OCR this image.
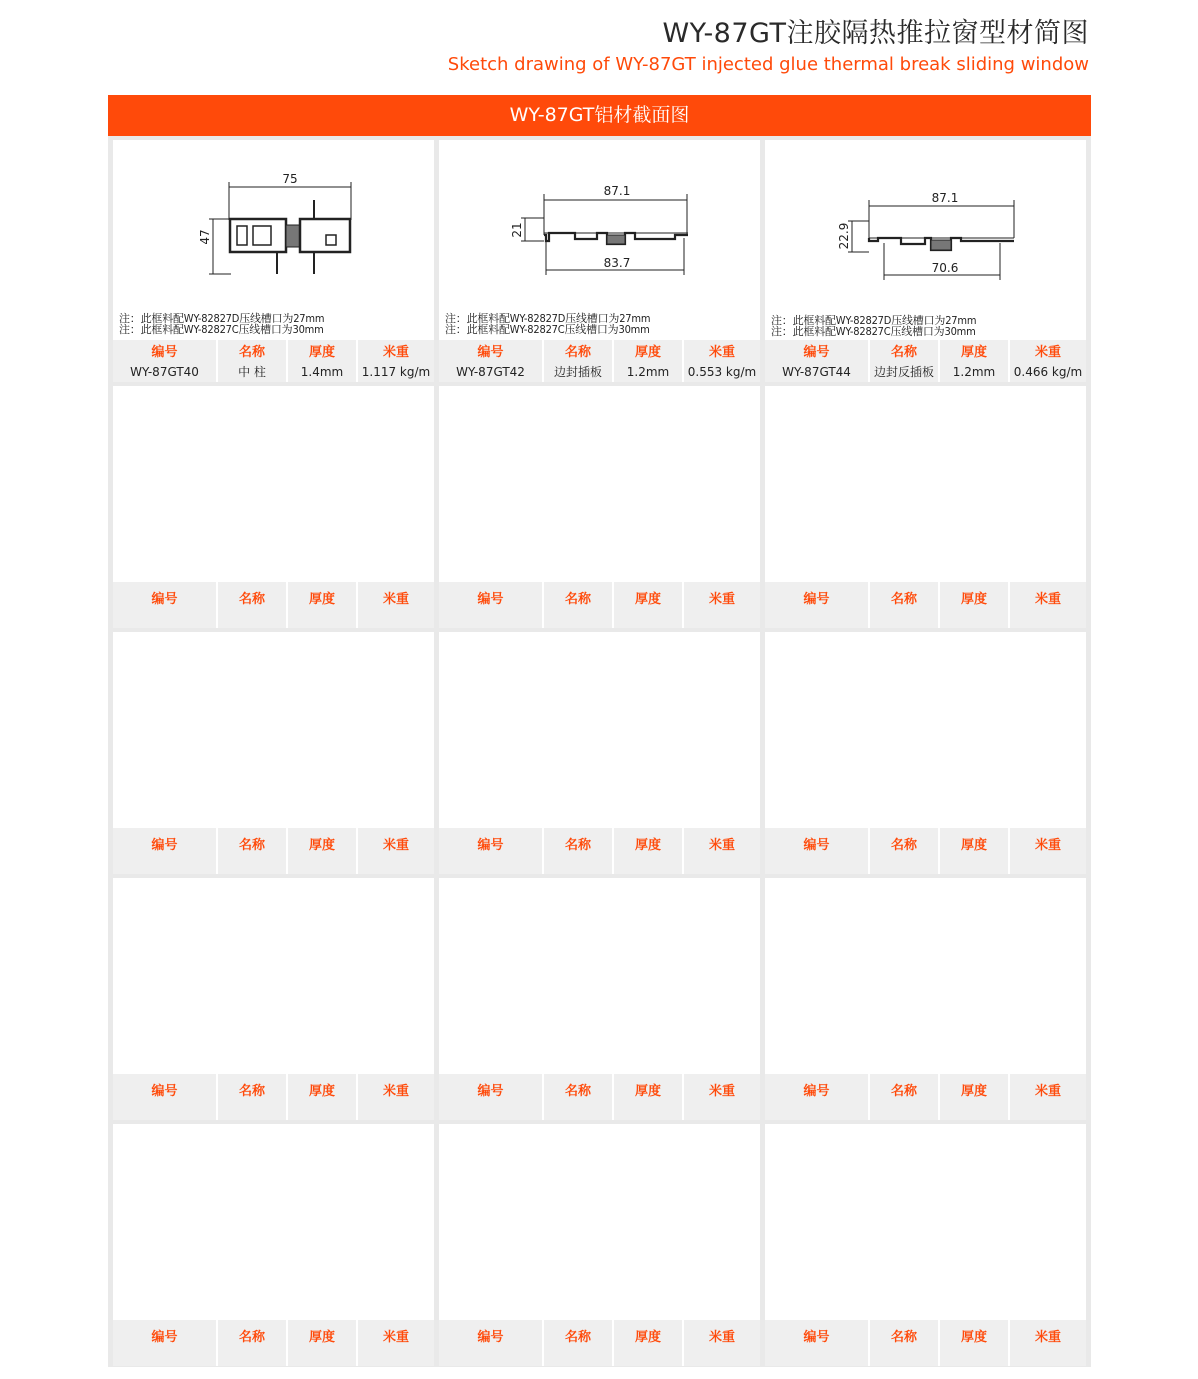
WY-87GT注胶隔热推拉窗型材简图
Sketch drawing of WY-87GT injected glue thermal break sliding window
WY-87GT铝材截面图
75
47
注：此框料配WY-82827D压线槽口为27mm
注：此框料配WY-82827C压线槽口为30mm
编号	名称	厚度	米重
WY-87GT40	中 柱	1.4mm	1.117 kg/m
87.1
83.7
21
注：此框料配WY-82827D压线槽口为27mm
注：此框料配WY-82827C压线槽口为30mm
编号	名称	厚度	米重
WY-87GT42	边封插板	1.2mm	0.553 kg/m
87.1
70.6
22.9
注：此框料配WY-82827D压线槽口为27mm
注：此框料配WY-82827C压线槽口为30mm
编号	名称	厚度	米重
WY-87GT44	边封反插板	1.2mm	0.466 kg/m
编号	名称	厚度	米重	编号	名称	厚度	米重	编号	名称	厚度	米重
编号	名称	厚度	米重	编号	名称	厚度	米重	编号	名称	厚度	米重
编号	名称	厚度	米重	编号	名称	厚度	米重	编号	名称	厚度	米重
编号	名称	厚度	米重	编号	名称	厚度	米重	编号	名称	厚度	米重
